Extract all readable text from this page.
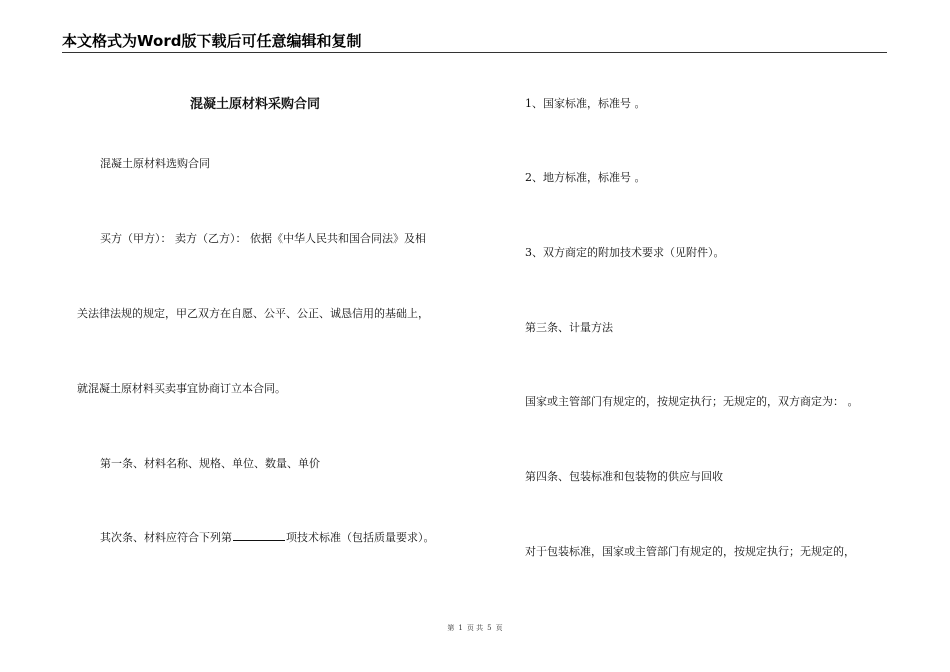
本文格式为Word版下载后可任意编辑和复制
混凝土原材料采购合同
混凝土原材料选购合同
买方（甲方）： 卖方（乙方）： 依据《中华人民共和国合同法》及相
关法律法规的规定，甲乙双方在自愿、公平、公正、诚恳信用的基础上，
就混凝土原材料买卖事宜协商订立本合同。
第一条、材料名称、规格、单位、数量、单价
其次条、材料应符合下列第	项技术标准（包括质量要求）。
1、国家标准，标准号 。
2、地方标准，标准号 。
3、双方商定的附加技术要求（见附件）。
第三条、计量方法
国家或主管部门有规定的，按规定执行；无规定的，双方商定为： 。
第四条、包装标准和包装物的供应与回收
对于包装标准，国家或主管部门有规定的，按规定执行；无规定的，
第 1 页 共 5 页
